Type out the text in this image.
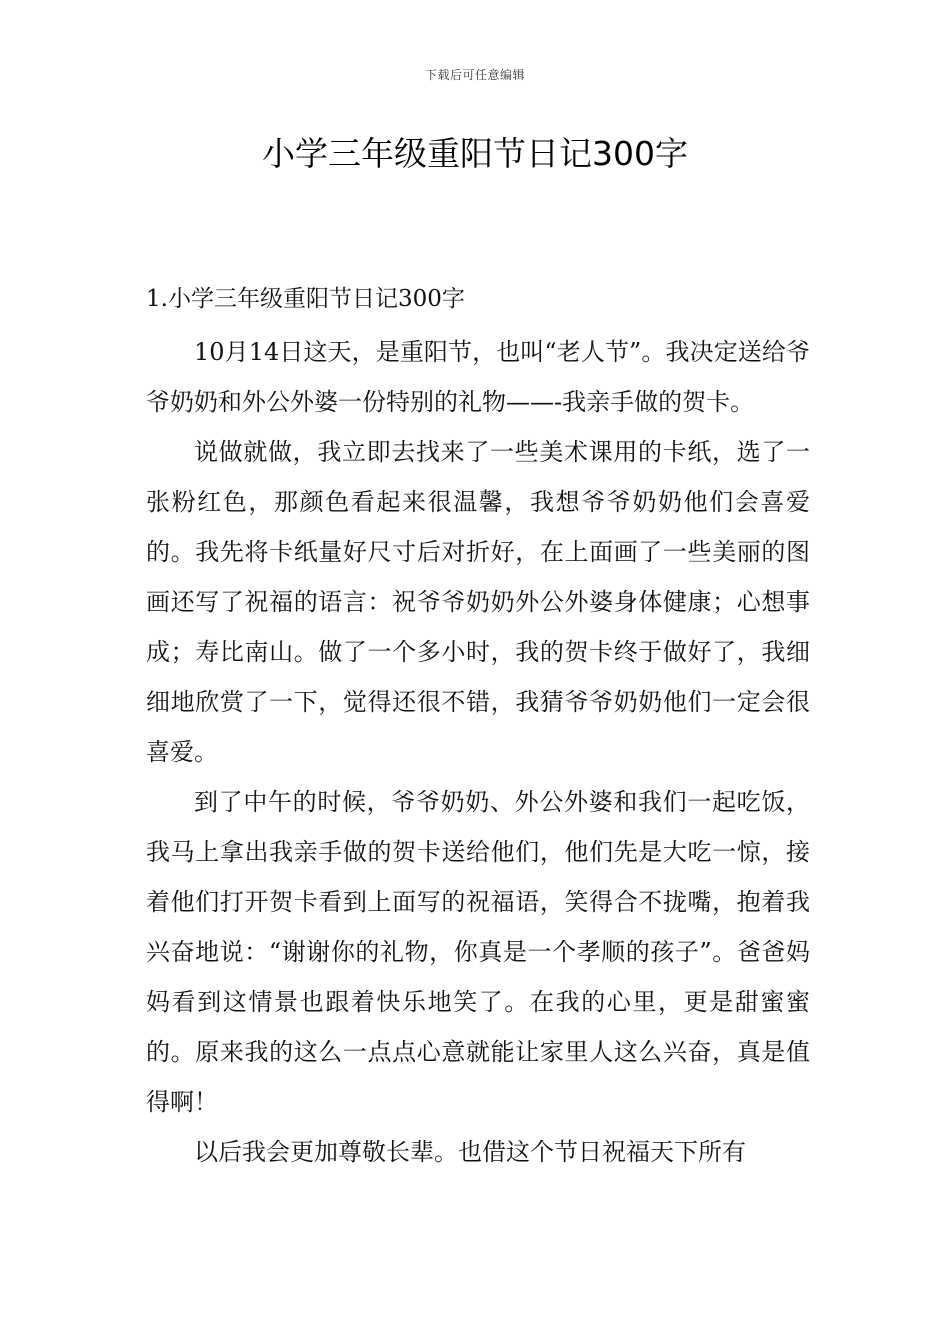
下载后可任意编辑
小学三年级重阳节日记300字
1.小学三年级重阳节日记300字

10月14日这天，是重阳节，也叫“老人节”。我决定送给爷爷奶奶和外公外婆一份特别的礼物——-我亲手做的贺卡。

说做就做，我立即去找来了一些美术课用的卡纸，选了一张粉红色，那颜色看起来很温馨，我想爷爷奶奶他们会喜爱的。我先将卡纸量好尺寸后对折好，在上面画了一些美丽的图画还写了祝福的语言：祝爷爷奶奶外公外婆身体健康；心想事成；寿比南山。做了一个多小时，我的贺卡终于做好了，我细细地欣赏了一下，觉得还很不错，我猜爷爷奶奶他们一定会很喜爱。

到了中午的时候，爷爷奶奶、外公外婆和我们一起吃饭，我马上拿出我亲手做的贺卡送给他们，他们先是大吃一惊，接着他们打开贺卡看到上面写的祝福语，笑得合不拢嘴，抱着我兴奋地说：“谢谢你的礼物，你真是一个孝顺的孩子”。爸爸妈妈看到这情景也跟着快乐地笑了。在我的心里，更是甜蜜蜜的。原来我的这么一点点心意就能让家里人这么兴奋，真是值得啊！

以后我会更加尊敬长辈。也借这个节日祝福天下所有
